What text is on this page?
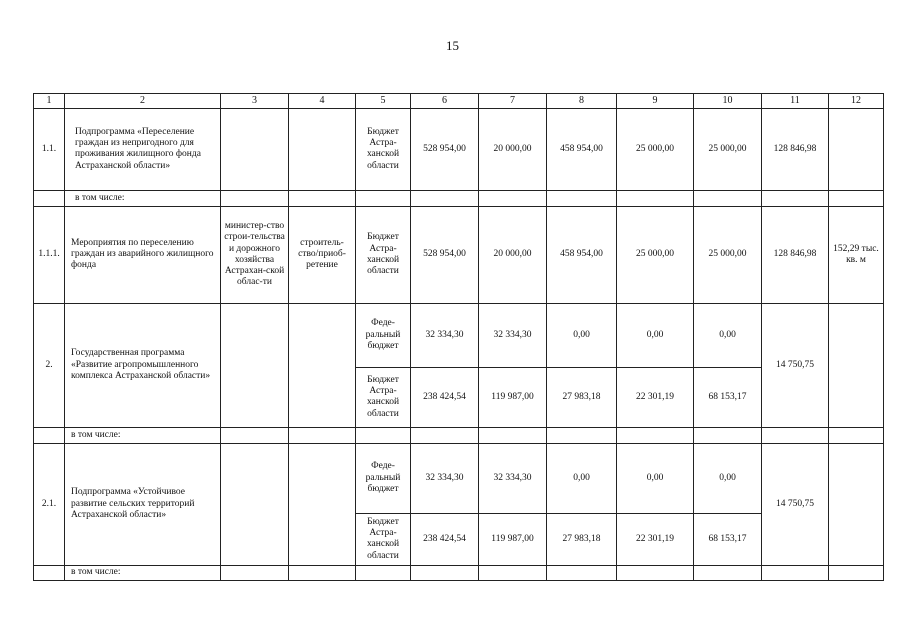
15
1	2	3	4	5	6	7	8	9	10	11	12
1.1.	Подпрограмма «Переселение граждан из непригодного для проживания жилищного фонда Астраханской области»			Бюджет Астра-ханской области	528 954,00	20 000,00	458 954,00	25 000,00	25 000,00	128 846,98	
	в том числе:										
1.1.1.	Мероприятия по переселению граждан из аварийного жилищного фонда	министер-ство строи-тельства и дорожного хозяйства Астрахан-ской облас-ти	строитель-ство/приоб-ретение	Бюджет Астра-ханской области	528 954,00	20 000,00	458 954,00	25 000,00	25 000,00	128 846,98	152,29 тыс. кв. м
2.	Государственная программа «Развитие агропромышленного комплекса Астраханской области»			Феде-ральный бюджет	32 334,30	32 334,30	0,00	0,00	0,00	14 750,75	
				Бюджет Астра-ханской области	238 424,54	119 987,00	27 983,18	22 301,19	68 153,17		
	в том числе:										
2.1.	Подпрограмма «Устойчивое развитие сельских территорий Астраханской области»			Феде-ральный бюджет	32 334,30	32 334,30	0,00	0,00	0,00	14 750,75	
				Бюджет Астра-ханской области	238 424,54	119 987,00	27 983,18	22 301,19	68 153,17		
	в том числе:										
